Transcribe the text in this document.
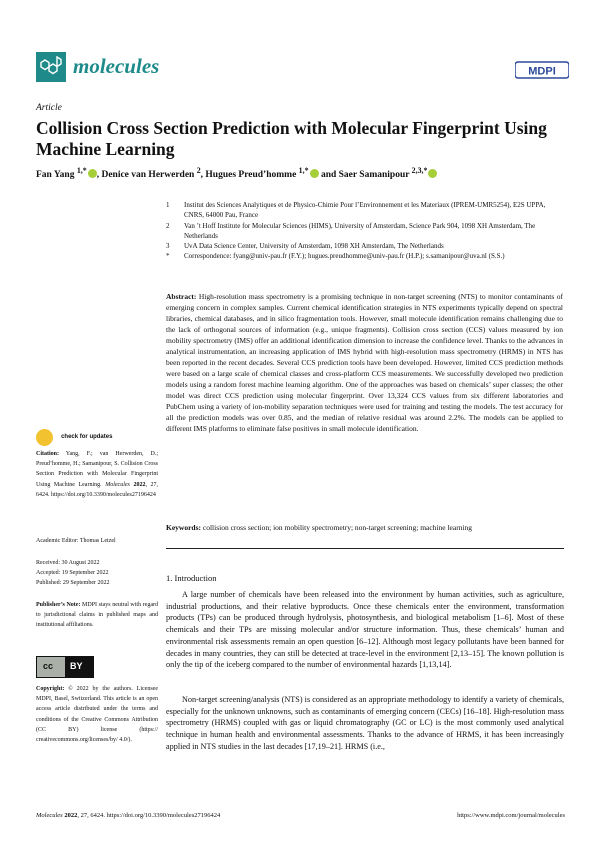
molecules	MDPI
Article
Collision Cross Section Prediction with Molecular Fingerprint Using Machine Learning
Fan Yang $^{1,*}$ , Denice van Herwerden $^2$, Hugues Preud’homme $^{1,*}$ and Saer Samanipour $^{2,3,*}$
1	Institut des Sciences Analytiques et de Physico-Chimie Pour l’Environnement et les Materiaux (IPREM-UMR5254), E2S UPPA, CNRS, 64000 Pau, France
2	Van ’t Hoff Institute for Molecular Sciences (HIMS), University of Amsterdam, Science Park 904, 1098 XH Amsterdam, The Netherlands
3	UvA Data Science Center, University of Amsterdam, 1098 XH Amsterdam, The Netherlands
*	Correspondence: fyang@univ-pau.fr (F.Y.); hugues.preudhomme@univ-pau.fr (H.P.); s.samanipour@uva.nl (S.S.)
Abstract: High-resolution mass spectrometry is a promising technique in non-target screening (NTS) to monitor contaminants of emerging concern in complex samples. Current chemical identification strategies in NTS experiments typically depend on spectral libraries, chemical databases, and in silico fragmentation tools. However, small molecule identification remains challenging due to the lack of orthogonal sources of information (e.g., unique fragments). Collision cross section (CCS) values measured by ion mobility spectrometry (IMS) offer an additional identification dimension to increase the confidence level. Thanks to the advances in analytical instrumentation, an increasing application of IMS hybrid with high-resolution mass spectrometry (HRMS) in NTS has been reported in the recent decades. Several CCS prediction tools have been developed. However, limited CCS prediction methods were based on a large scale of chemical classes and cross-platform CCS measurements. We successfully developed two prediction models using a random forest machine learning algorithm. One of the approaches was based on chemicals’ super classes; the other model was direct CCS prediction using molecular fingerprint. Over 13,324 CCS values from six different laboratories and PubChem using a variety of ion-mobility separation techniques were used for training and testing the models. The test accuracy for all the prediction models was over 0.85, and the median of relative residual was around 2.2%. The models can be applied to different IMS platforms to eliminate false positives in small molecule identification.
Keywords: collision cross section; ion mobility spectrometry; non-target screening; machine learning
check for updates
Citation: Yang, F.; van Herwerden, D.; Preud’homme, H.; Samanipour, S. Collision Cross Section Prediction with Molecular Fingerprint Using Machine Learning. Molecules 2022, 27, 6424. https://doi.org/10.3390/molecules27196424
Academic Editor: Thomas Letzel
Received: 30 August 2022
Accepted: 19 September 2022
Published: 29 September 2022
Publisher’s Note: MDPI stays neutral with regard to jurisdictional claims in published maps and institutional affiliations.
cc BY
Copyright: © 2022 by the authors. Licensee MDPI, Basel, Switzerland. This article is an open access article distributed under the terms and conditions of the Creative Commons Attribution (CC BY) license (https:// creativecommons.org/licenses/by/ 4.0/).
1. Introduction
A large number of chemicals have been released into the environment by human activities, such as agriculture, industrial productions, and their relative byproducts. Once these chemicals enter the environment, transformation products (TPs) can be produced through hydrolysis, photosynthesis, and biological metabolism [1–6]. Most of these chemicals and their TPs are missing molecular and/or structure information. Thus, these chemicals’ human and environmental risk assessments remain an open question [6–12]. Although most legacy pollutants have been banned for decades in many countries, they can still be detected at trace-level in the environment [2,13–15]. The known pollution is only the tip of the iceberg compared to the number of environmental hazards [1,13,14].
Non-target screening/analysis (NTS) is considered as an appropriate methodology to identify a variety of chemicals, especially for the unknown unknowns, such as contaminants of emerging concern (CECs) [16–18]. High-resolution mass spectrometry (HRMS) coupled with gas or liquid chromatography (GC or LC) is the most commonly used analytical technique in human health and environmental assessments. Thanks to the advance of HRMS, it has been increasingly applied in NTS studies in the last decades [17,19–21]. HRMS (i.e.,
Molecules 2022, 27, 6424. https://doi.org/10.3390/molecules27196424	https://www.mdpi.com/journal/molecules
